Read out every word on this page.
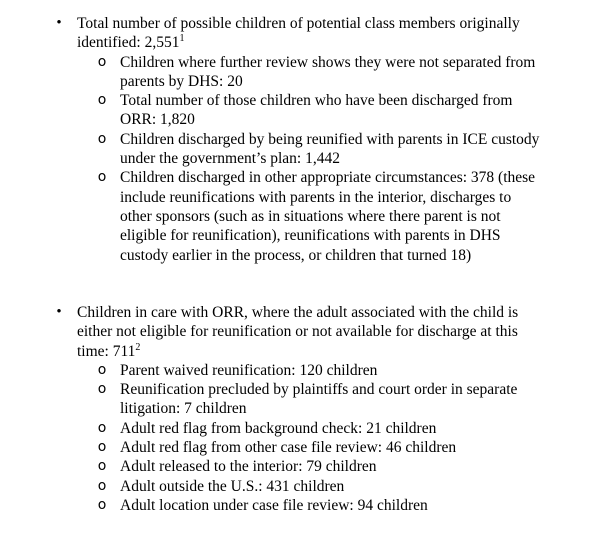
• Total number of possible children of potential class members originally identified: 2,551$^1$
o Children where further review shows they were not separated from parents by DHS: 20
o Total number of those children who have been discharged from ORR: 1,820
o Children discharged by being reunified with parents in ICE custody under the government’s plan: 1,442
o Children discharged in other appropriate circumstances: 378 (these include reunifications with parents in the interior, discharges to other sponsors (such as in situations where there parent is not eligible for reunification), reunifications with parents in DHS custody earlier in the process, or children that turned 18)
• Children in care with ORR, where the adult associated with the child is either not eligible for reunification or not available for discharge at this time: $711^2$
o Parent waived reunification: 120 children
o Reunification precluded by plaintiffs and court order in separate litigation: 7 children
o Adult red flag from background check: 21 children
o Adult red flag from other case file review: 46 children
o Adult released to the interior: 79 children
o Adult outside the U.S.: 431 children
o Adult location under case file review: 94 children
